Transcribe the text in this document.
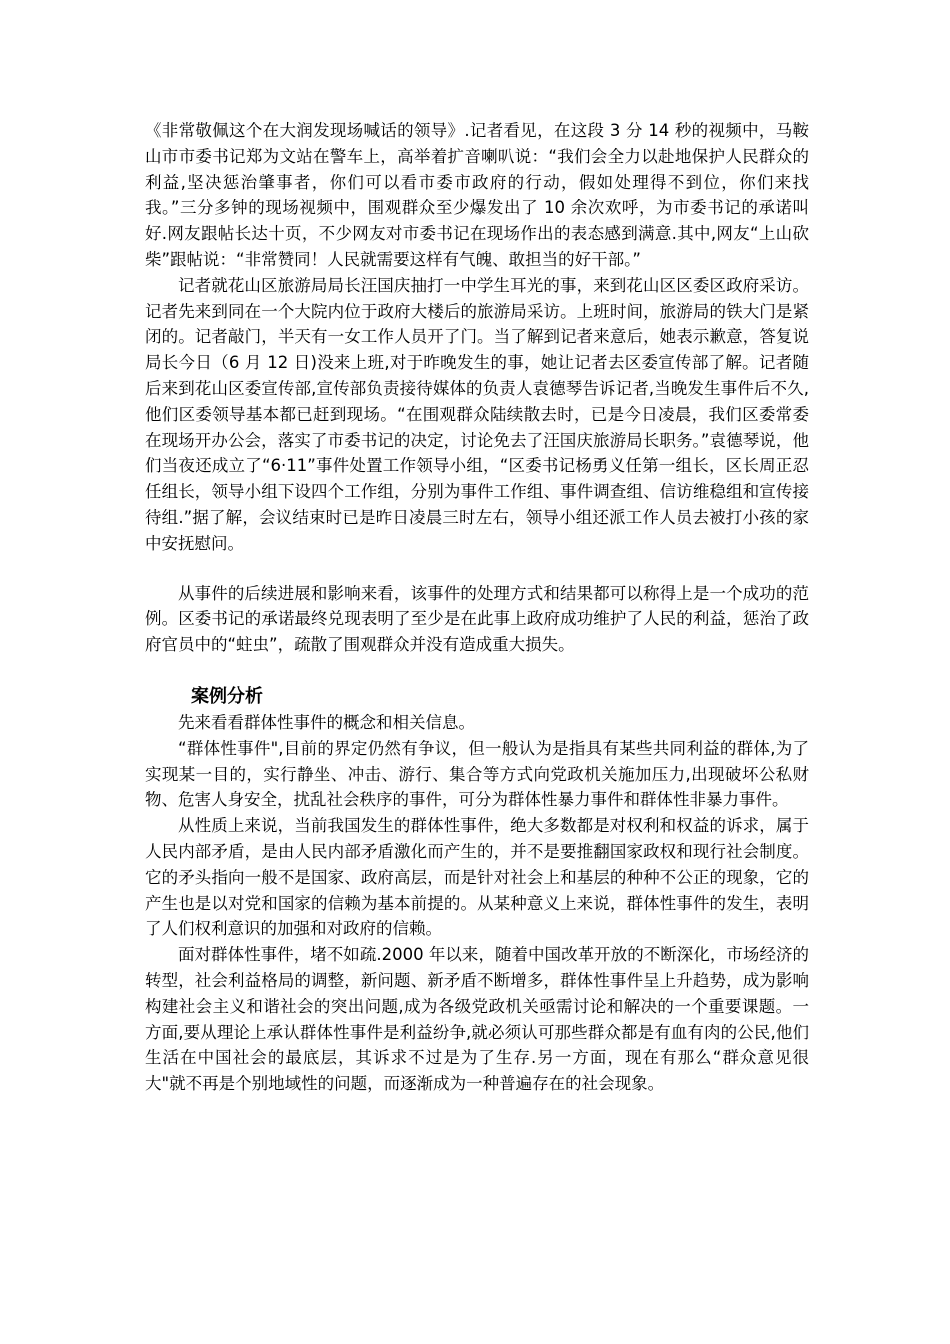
《非常敬佩这个在大润发现场喊话的领导》.记者看见，在这段 3 分 14 秒的视频中，马鞍山市市委书记郑为文站在警车上，高举着扩音喇叭说：“我们会全力以赴地保护人民群众的利益,坚决惩治肇事者，你们可以看市委市政府的行动，假如处理得不到位，你们来找我。”三分多钟的现场视频中，围观群众至少爆发出了 10 余次欢呼，为市委书记的承诺叫好.网友跟帖长达十页，不少网友对市委书记在现场作出的表态感到满意.其中,网友“上山砍柴”跟帖说：“非常赞同！人民就需要这样有气魄、敢担当的好干部。”

记者就花山区旅游局局长汪国庆抽打一中学生耳光的事，来到花山区区委区政府采访。记者先来到同在一个大院内位于政府大楼后的旅游局采访。上班时间，旅游局的铁大门是紧闭的。记者敲门，半天有一女工作人员开了门。当了解到记者来意后，她表示歉意，答复说局长今日（6 月 12 日)没来上班,对于昨晚发生的事，她让记者去区委宣传部了解。记者随后来到花山区委宣传部,宣传部负责接待媒体的负责人袁德琴告诉记者,当晚发生事件后不久,他们区委领导基本都已赶到现场。“在围观群众陆续散去时，已是今日凌晨，我们区委常委在现场开办公会，落实了市委书记的决定，讨论免去了汪国庆旅游局长职务。”袁德琴说，他们当夜还成立了“6·11”事件处置工作领导小组，“区委书记杨勇义任第一组长，区长周正忍任组长，领导小组下设四个工作组，分别为事件工作组、事件调查组、信访维稳组和宣传接待组.”据了解，会议结束时已是昨日凌晨三时左右，领导小组还派工作人员去被打小孩的家中安抚慰问。

从事件的后续进展和影响来看，该事件的处理方式和结果都可以称得上是一个成功的范例。区委书记的承诺最终兑现表明了至少是在此事上政府成功维护了人民的利益，惩治了政府官员中的“蛀虫”，疏散了围观群众并没有造成重大损失。

案例分析

先来看看群体性事件的概念和相关信息。

“群体性事件",目前的界定仍然有争议，但一般认为是指具有某些共同利益的群体,为了实现某一目的，实行静坐、冲击、游行、集合等方式向党政机关施加压力,出现破坏公私财物、危害人身安全，扰乱社会秩序的事件，可分为群体性暴力事件和群体性非暴力事件。

从性质上来说，当前我国发生的群体性事件，绝大多数都是对权利和权益的诉求，属于人民内部矛盾，是由人民内部矛盾激化而产生的，并不是要推翻国家政权和现行社会制度。它的矛头指向一般不是国家、政府高层，而是针对社会上和基层的种种不公正的现象，它的产生也是以对党和国家的信赖为基本前提的。从某种意义上来说，群体性事件的发生，表明了人们权利意识的加强和对政府的信赖。

面对群体性事件，堵不如疏.2000 年以来，随着中国改革开放的不断深化，市场经济的转型，社会利益格局的调整，新问题、新矛盾不断增多，群体性事件呈上升趋势，成为影响构建社会主义和谐社会的突出问题,成为各级党政机关亟需讨论和解决的一个重要课题。一方面,要从理论上承认群体性事件是利益纷争,就必须认可那些群众都是有血有肉的公民,他们生活在中国社会的最底层，其诉求不过是为了生存.另一方面，现在有那么“群众意见很大"就不再是个别地域性的问题，而逐渐成为一种普遍存在的社会现象。
